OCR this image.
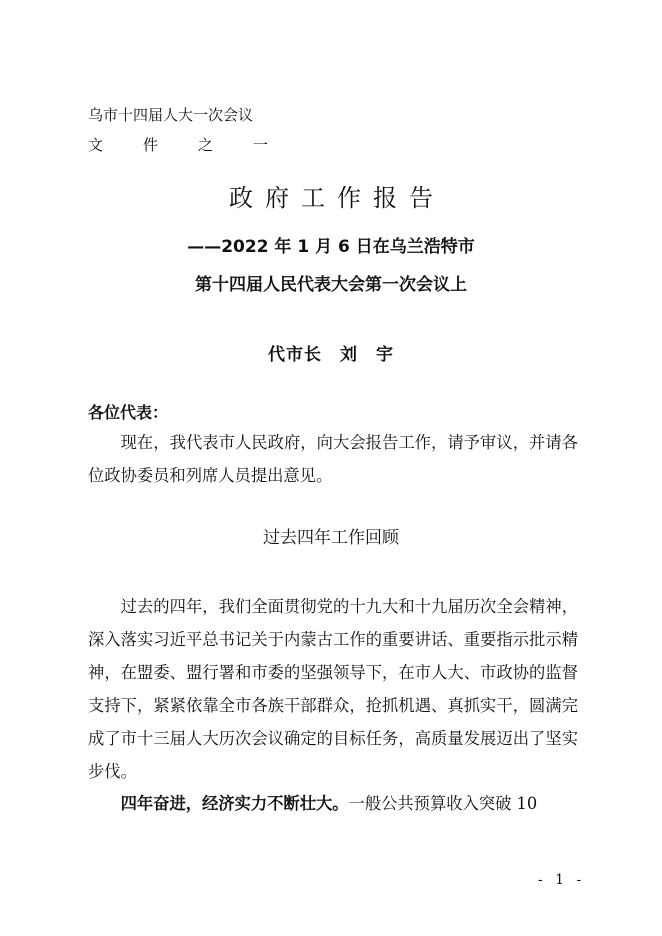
乌市十四届人大一次会议
文	件	之	一
政府工作报告
——2022 年 1 月 6 日在乌兰浩特市
第十四届人民代表大会第一次会议上
代市长　刘　宇
各位代表：
现在，我代表市人民政府，向大会报告工作，请予审议，并请各位政协委员和列席人员提出意见。
过去四年工作回顾
过去的四年，我们全面贯彻党的十九大和十九届历次全会精神，深入落实习近平总书记关于内蒙古工作的重要讲话、重要指示批示精神，在盟委、盟行署和市委的坚强领导下，在市人大、市政协的监督支持下，紧紧依靠全市各族干部群众，抢抓机遇、真抓实干，圆满完成了市十三届人大历次会议确定的目标任务，高质量发展迈出了坚实步伐。
四年奋进，经济实力不断壮大。一般公共预算收入突破 10
- 1 -
